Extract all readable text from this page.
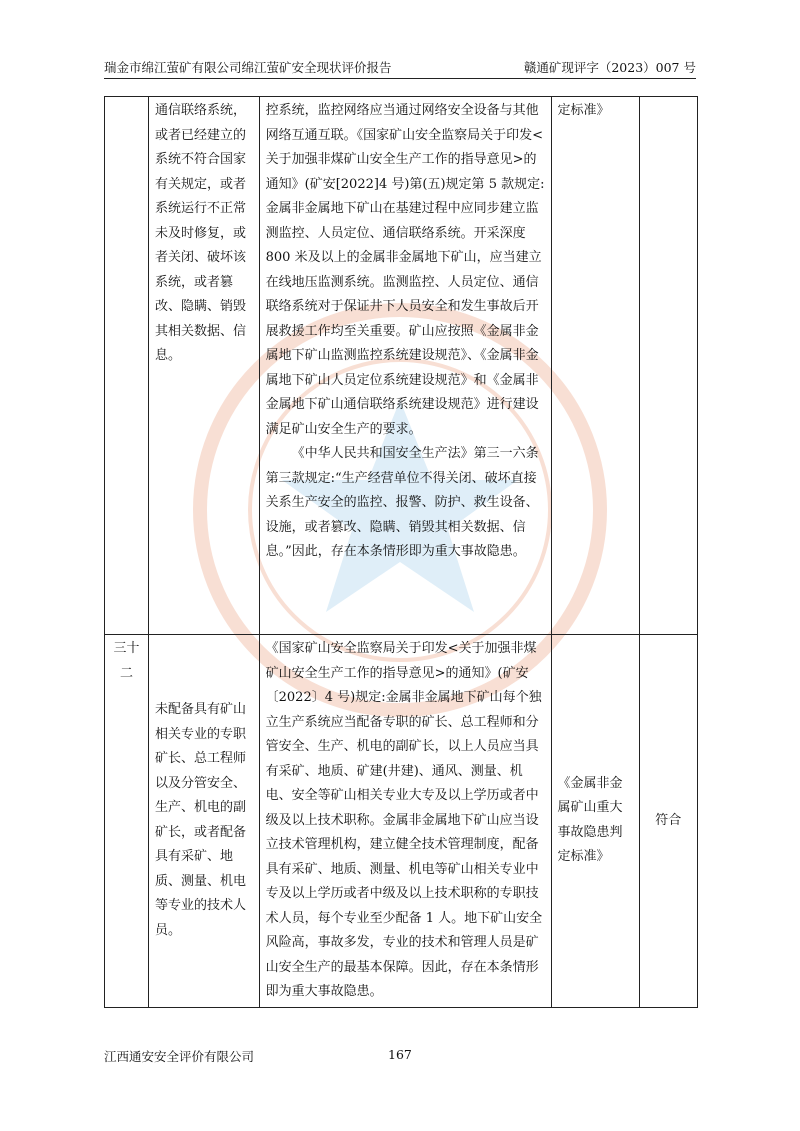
瑞金市绵江萤矿有限公司绵江萤矿安全现状评价报告	赣通矿现评字（2023）007 号

	通信联络系统，或者已经建立的系统不符合国家有关规定，或者系统运行不正常未及时修复，或者关闭、破坏该系统，或者篡改、隐瞒、销毁其相关数据、信息。	控系统，监控网络应当通过网络安全设备与其他网络互通互联。《国家矿山安全监察局关于印发<关于加强非煤矿山安全生产工作的指导意见>的通知》(矿安[2022]4 号)第(五)规定第 5 款规定:金属非金属地下矿山在基建过程中应同步建立监测监控、人员定位、通信联络系统。开采深度 800 米及以上的金属非金属地下矿山，应当建立在线地压监测系统。监测监控、人员定位、通信联络系统对于保证井下人员安全和发生事故后开展救援工作均至关重要。矿山应按照《金属非金属地下矿山监测监控系统建设规范》、《金属非金属地下矿山人员定位系统建设规范》和《金属非金属地下矿山通信联络系统建设规范》进行建设满足矿山安全生产的要求。
《中华人民共和国安全生产法》第三一六条第三款规定:“生产经营单位不得关闭、破坏直接关系生产安全的监控、报警、防护、救生设备、设施，或者篡改、隐瞒、销毁其相关数据、信息。”因此，存在本条情形即为重大事故隐患。	定标准》	
三十二	未配备具有矿山相关专业的专职矿长、总工程师以及分管安全、生产、机电的副矿长，或者配备具有采矿、地质、测量、机电等专业的技术人员。	《国家矿山安全监察局关于印发<关于加强非煤矿山安全生产工作的指导意见>的通知》(矿安〔2022〕4 号)规定:金属非金属地下矿山每个独立生产系统应当配备专职的矿长、总工程师和分管安全、生产、机电的副矿长，以上人员应当具有采矿、地质、矿建(井建)、通风、测量、机电、安全等矿山相关专业大专及以上学历或者中级及以上技术职称。金属非金属地下矿山应当设立技术管理机构，建立健全技术管理制度，配备具有采矿、地质、测量、机电等矿山相关专业中专及以上学历或者中级及以上技术职称的专职技术人员，每个专业至少配备 1 人。地下矿山安全风险高，事故多发，专业的技术和管理人员是矿山安全生产的最基本保障。因此，存在本条情形即为重大事故隐患。	《金属非金属矿山重大事故隐患判定标准》	符合
江西通安安全评价有限公司	167
